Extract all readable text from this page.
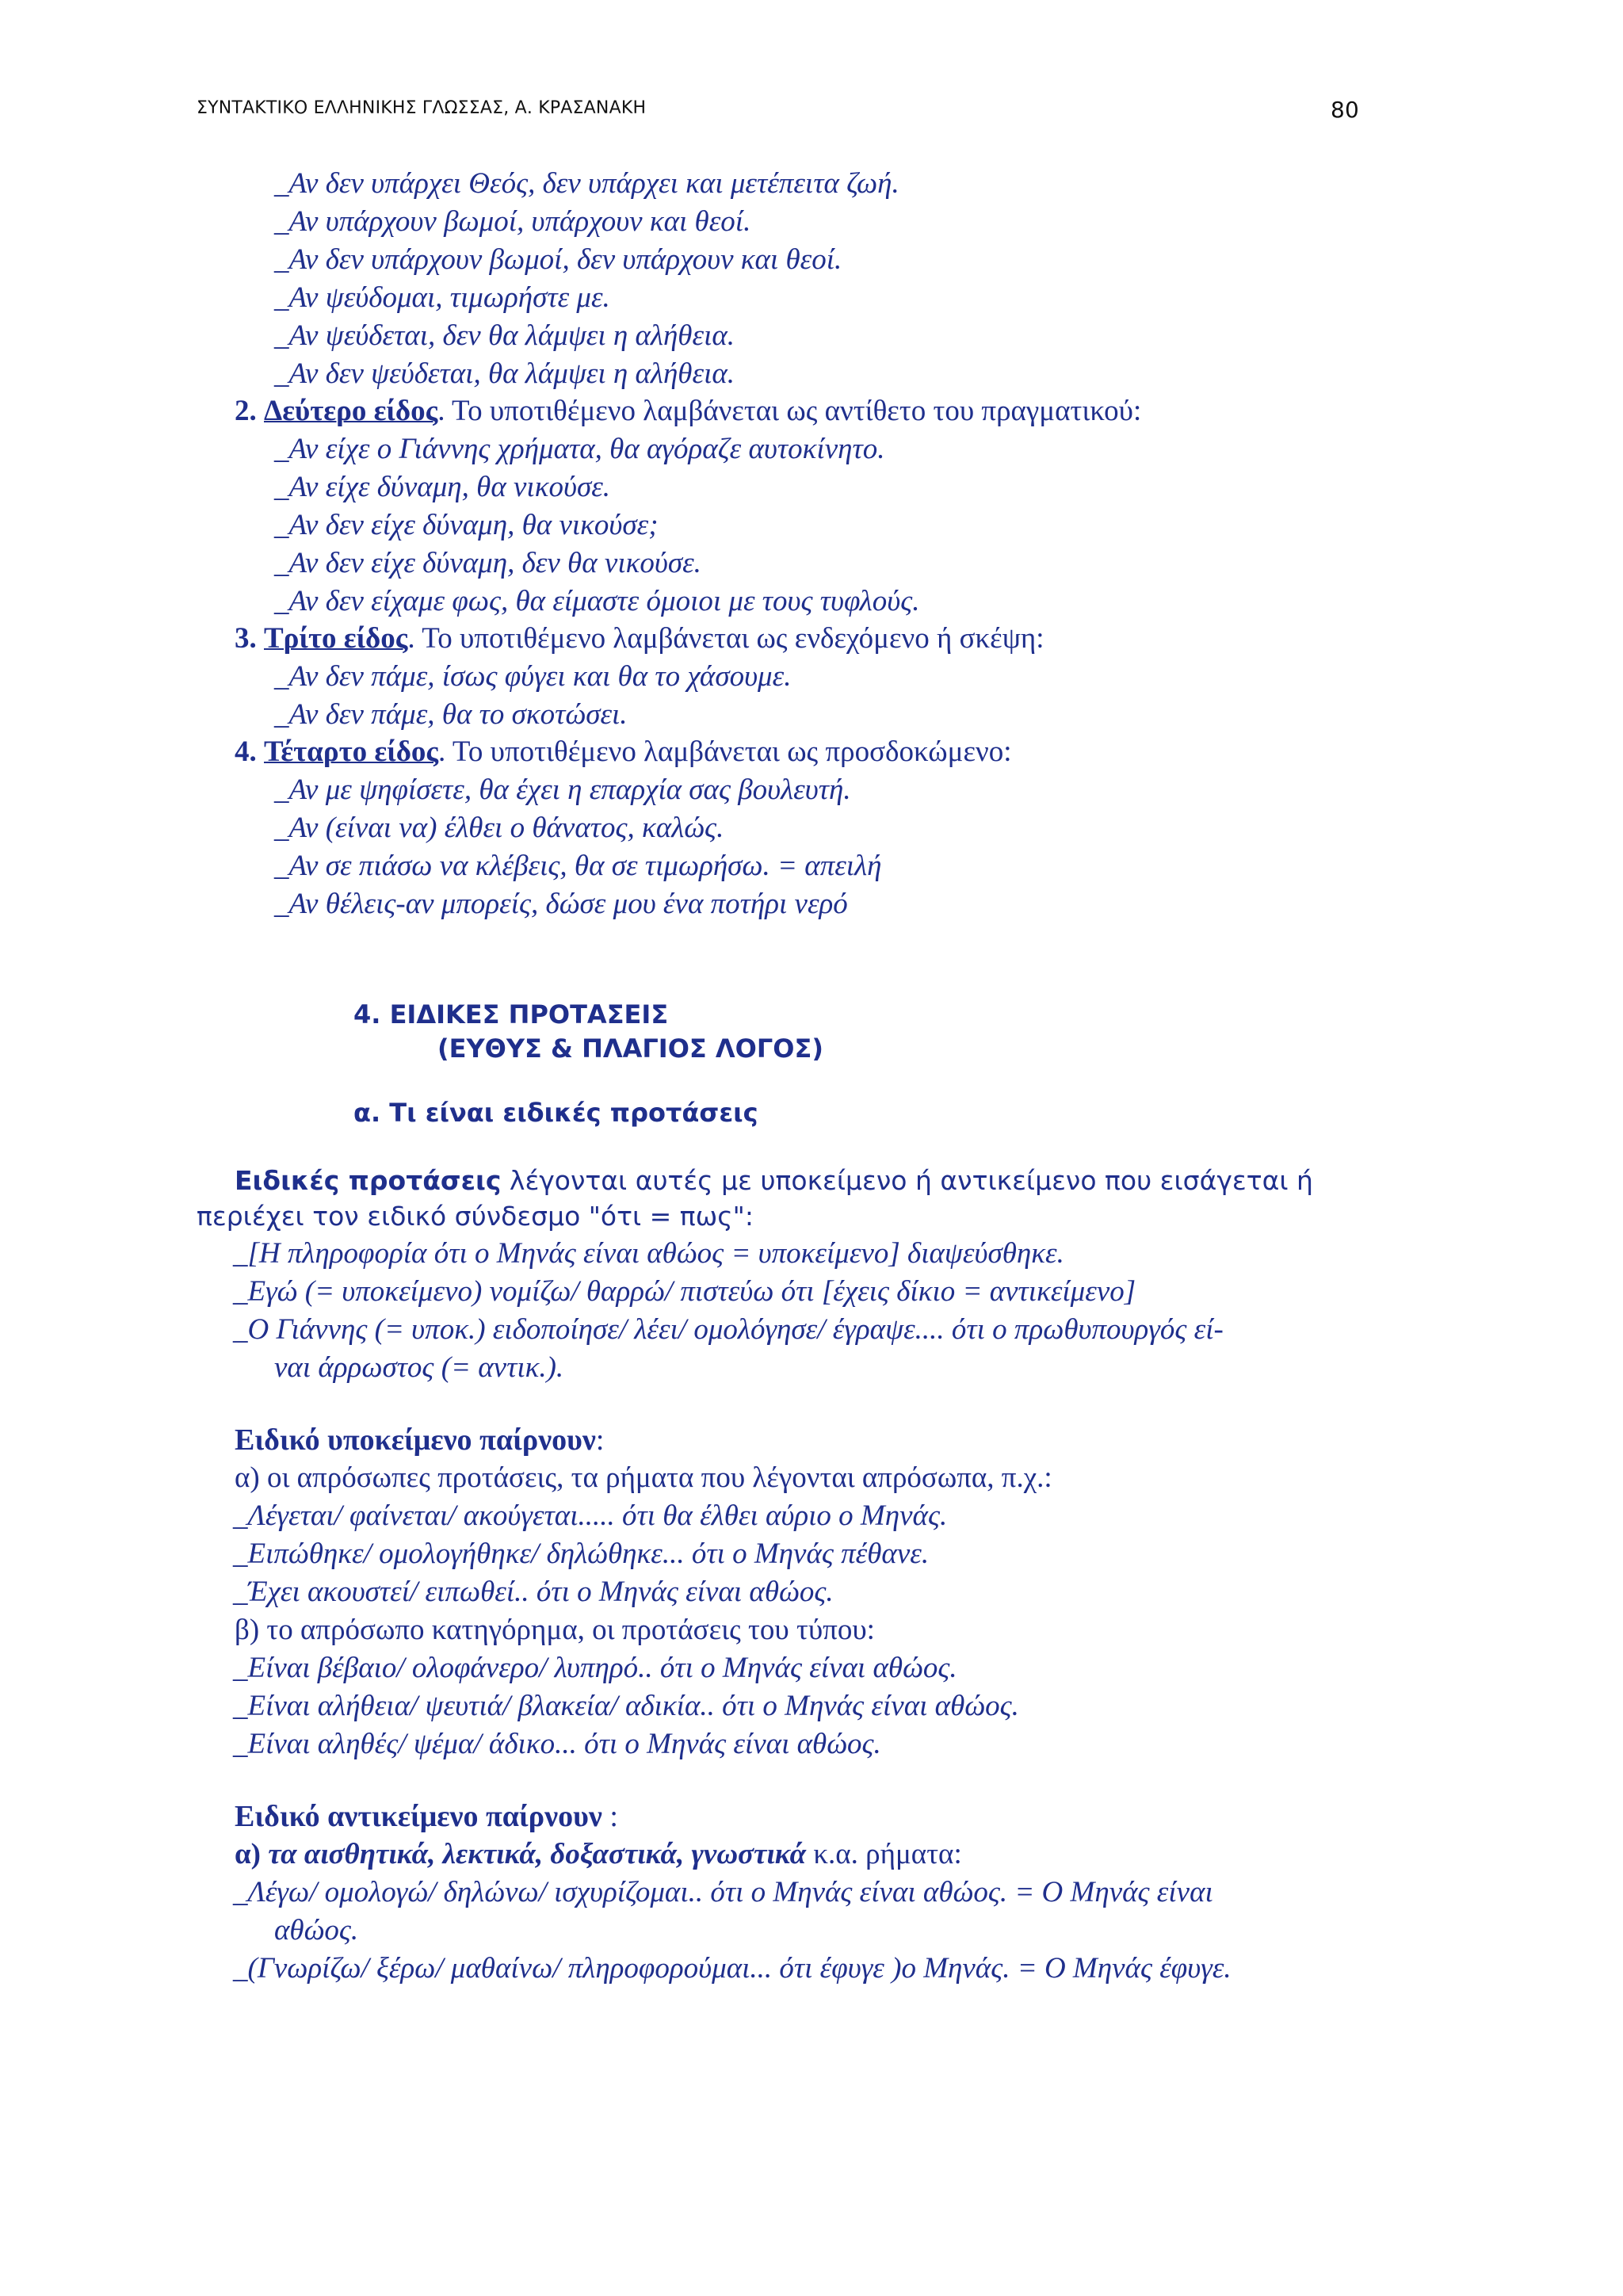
ΣΥΝΤΑΚΤΙΚΟ ΕΛΛΗΝΙΚΗΣ ΓΛΩΣΣΑΣ, Α. ΚΡΑΣΑΝΑΚΗ	80
_Αν δεν υπάρχει Θεός, δεν υπάρχει και μετέπειτα ζωή.
_Αν υπάρχουν βωμοί, υπάρχουν και θεοί.
_Αν δεν υπάρχουν βωμοί, δεν υπάρχουν και θεοί.
_Αν ψεύδομαι, τιμωρήστε με.
_Αν ψεύδεται, δεν θα λάμψει η αλήθεια.
_Αν δεν ψεύδεται, θα λάμψει η αλήθεια.
2. Δεύτερο είδος. Το υποτιθέμενο λαμβάνεται ως αντίθετο του πραγματικού:
_Αν είχε ο Γιάννης χρήματα, θα αγόραζε αυτοκίνητο.
_Αν είχε δύναμη, θα νικούσε.
_Αν δεν είχε δύναμη, θα νικούσε;
_Αν δεν είχε δύναμη, δεν θα νικούσε.
_Αν δεν είχαμε φως, θα είμαστε όμοιοι με τους τυφλούς.
3. Τρίτο είδος. Το υποτιθέμενο λαμβάνεται ως ενδεχόμενο ή σκέψη:
_Αν δεν πάμε, ίσως φύγει και θα το χάσουμε.
_Αν δεν πάμε, θα το σκοτώσει.
4. Τέταρτο είδος. Το υποτιθέμενο λαμβάνεται ως προσδοκώμενο:
_Αν με ψηφίσετε, θα έχει η επαρχία σας βουλευτή.
_Αν (είναι να) έλθει ο θάνατος, καλώς.
_Αν σε πιάσω να κλέβεις, θα σε τιμωρήσω. = απειλή
_Αν θέλεις-αν μπορείς, δώσε μου ένα ποτήρι νερό
4. ΕΙΔΙΚΕΣ ΠΡΟΤΑΣΕΙΣ
(ΕΥΘΥΣ & ΠΛΑΓΙΟΣ ΛΟΓΟΣ)
α. Τι είναι ειδικές προτάσεις
Ειδικές προτάσεις λέγονται αυτές με υποκείμενο ή αντικείμενο που εισάγεται ή
περιέχει τον ειδικό σύνδεσμο "ότι = πως":
_[Η πληροφορία ότι ο Μηνάς είναι αθώος = υποκείμενο] διαψεύσθηκε.
_Εγώ (= υποκείμενο) νομίζω/ θαρρώ/ πιστεύω ότι [έχεις δίκιο = αντικείμενο]
_Ο Γιάννης (= υποκ.) ειδοποίησε/ λέει/ ομολόγησε/ έγραψε.... ότι ο πρωθυπουργός εί-
ναι άρρωστος (= αντικ.).
Ειδικό υποκείμενο παίρνουν:
α) οι απρόσωπες προτάσεις, τα ρήματα που λέγονται απρόσωπα, π.χ.:
_Λέγεται/ φαίνεται/ ακούγεται..... ότι θα έλθει αύριο ο Μηνάς.
_Ειπώθηκε/ ομολογήθηκε/ δηλώθηκε... ότι ο Μηνάς πέθανε.
_Έχει ακουστεί/ ειπωθεί.. ότι ο Μηνάς είναι αθώος.
β) το απρόσωπο κατηγόρημα, οι προτάσεις του τύπου:
_Είναι βέβαιο/ ολοφάνερο/ λυπηρό.. ότι ο Μηνάς είναι αθώος.
_Είναι αλήθεια/ ψευτιά/ βλακεία/ αδικία.. ότι ο Μηνάς είναι αθώος.
_Είναι αληθές/ ψέμα/ άδικο... ότι ο Μηνάς είναι αθώος.
Ειδικό αντικείμενο παίρνουν :
α) τα αισθητικά, λεκτικά, δοξαστικά, γνωστικά κ.α. ρήματα:
_Λέγω/ ομολογώ/ δηλώνω/ ισχυρίζομαι.. ότι ο Μηνάς είναι αθώος. = Ο Μηνάς είναι
αθώος.
_(Γνωρίζω/ ξέρω/ μαθαίνω/ πληροφορούμαι... ότι έφυγε )ο Μηνάς. = Ο Μηνάς έφυγε.
